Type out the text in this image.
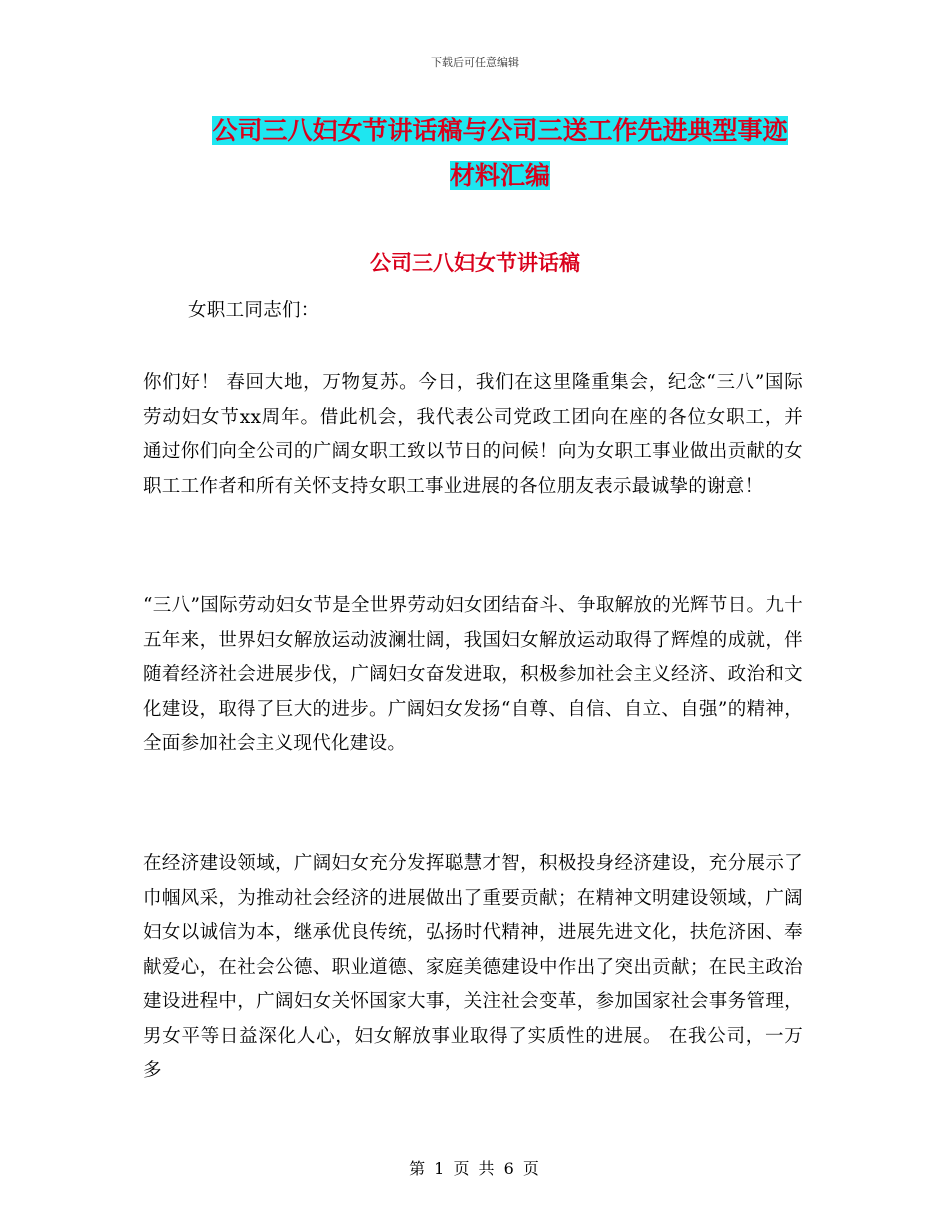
下载后可任意编辑
公司三八妇女节讲话稿与公司三送工作先进典型事迹
材料汇编
公司三八妇女节讲话稿
女职工同志们：
你们好！ 春回大地，万物复苏。今日，我们在这里隆重集会，纪念“三八”国际劳动妇女节xx周年。借此机会，我代表公司党政工团向在座的各位女职工，并通过你们向全公司的广阔女职工致以节日的问候！向为女职工事业做出贡献的女职工工作者和所有关怀支持女职工事业进展的各位朋友表示最诚挚的谢意！
“三八”国际劳动妇女节是全世界劳动妇女团结奋斗、争取解放的光辉节日。九十五年来，世界妇女解放运动波澜壮阔，我国妇女解放运动取得了辉煌的成就，伴随着经济社会进展步伐，广阔妇女奋发进取，积极参加社会主义经济、政治和文化建设，取得了巨大的进步。广阔妇女发扬“自尊、自信、自立、自强”的精神，全面参加社会主义现代化建设。
在经济建设领域，广阔妇女充分发挥聪慧才智，积极投身经济建设，充分展示了巾帼风采，为推动社会经济的进展做出了重要贡献；在精神文明建设领域，广阔妇女以诚信为本，继承优良传统，弘扬时代精神，进展先进文化，扶危济困、奉献爱心，在社会公德、职业道德、家庭美德建设中作出了突出贡献；在民主政治建设进程中，广阔妇女关怀国家大事，关注社会变革，参加国家社会事务管理，男女平等日益深化人心，妇女解放事业取得了实质性的进展。 在我公司，一万多
第 1 页 共 6 页
